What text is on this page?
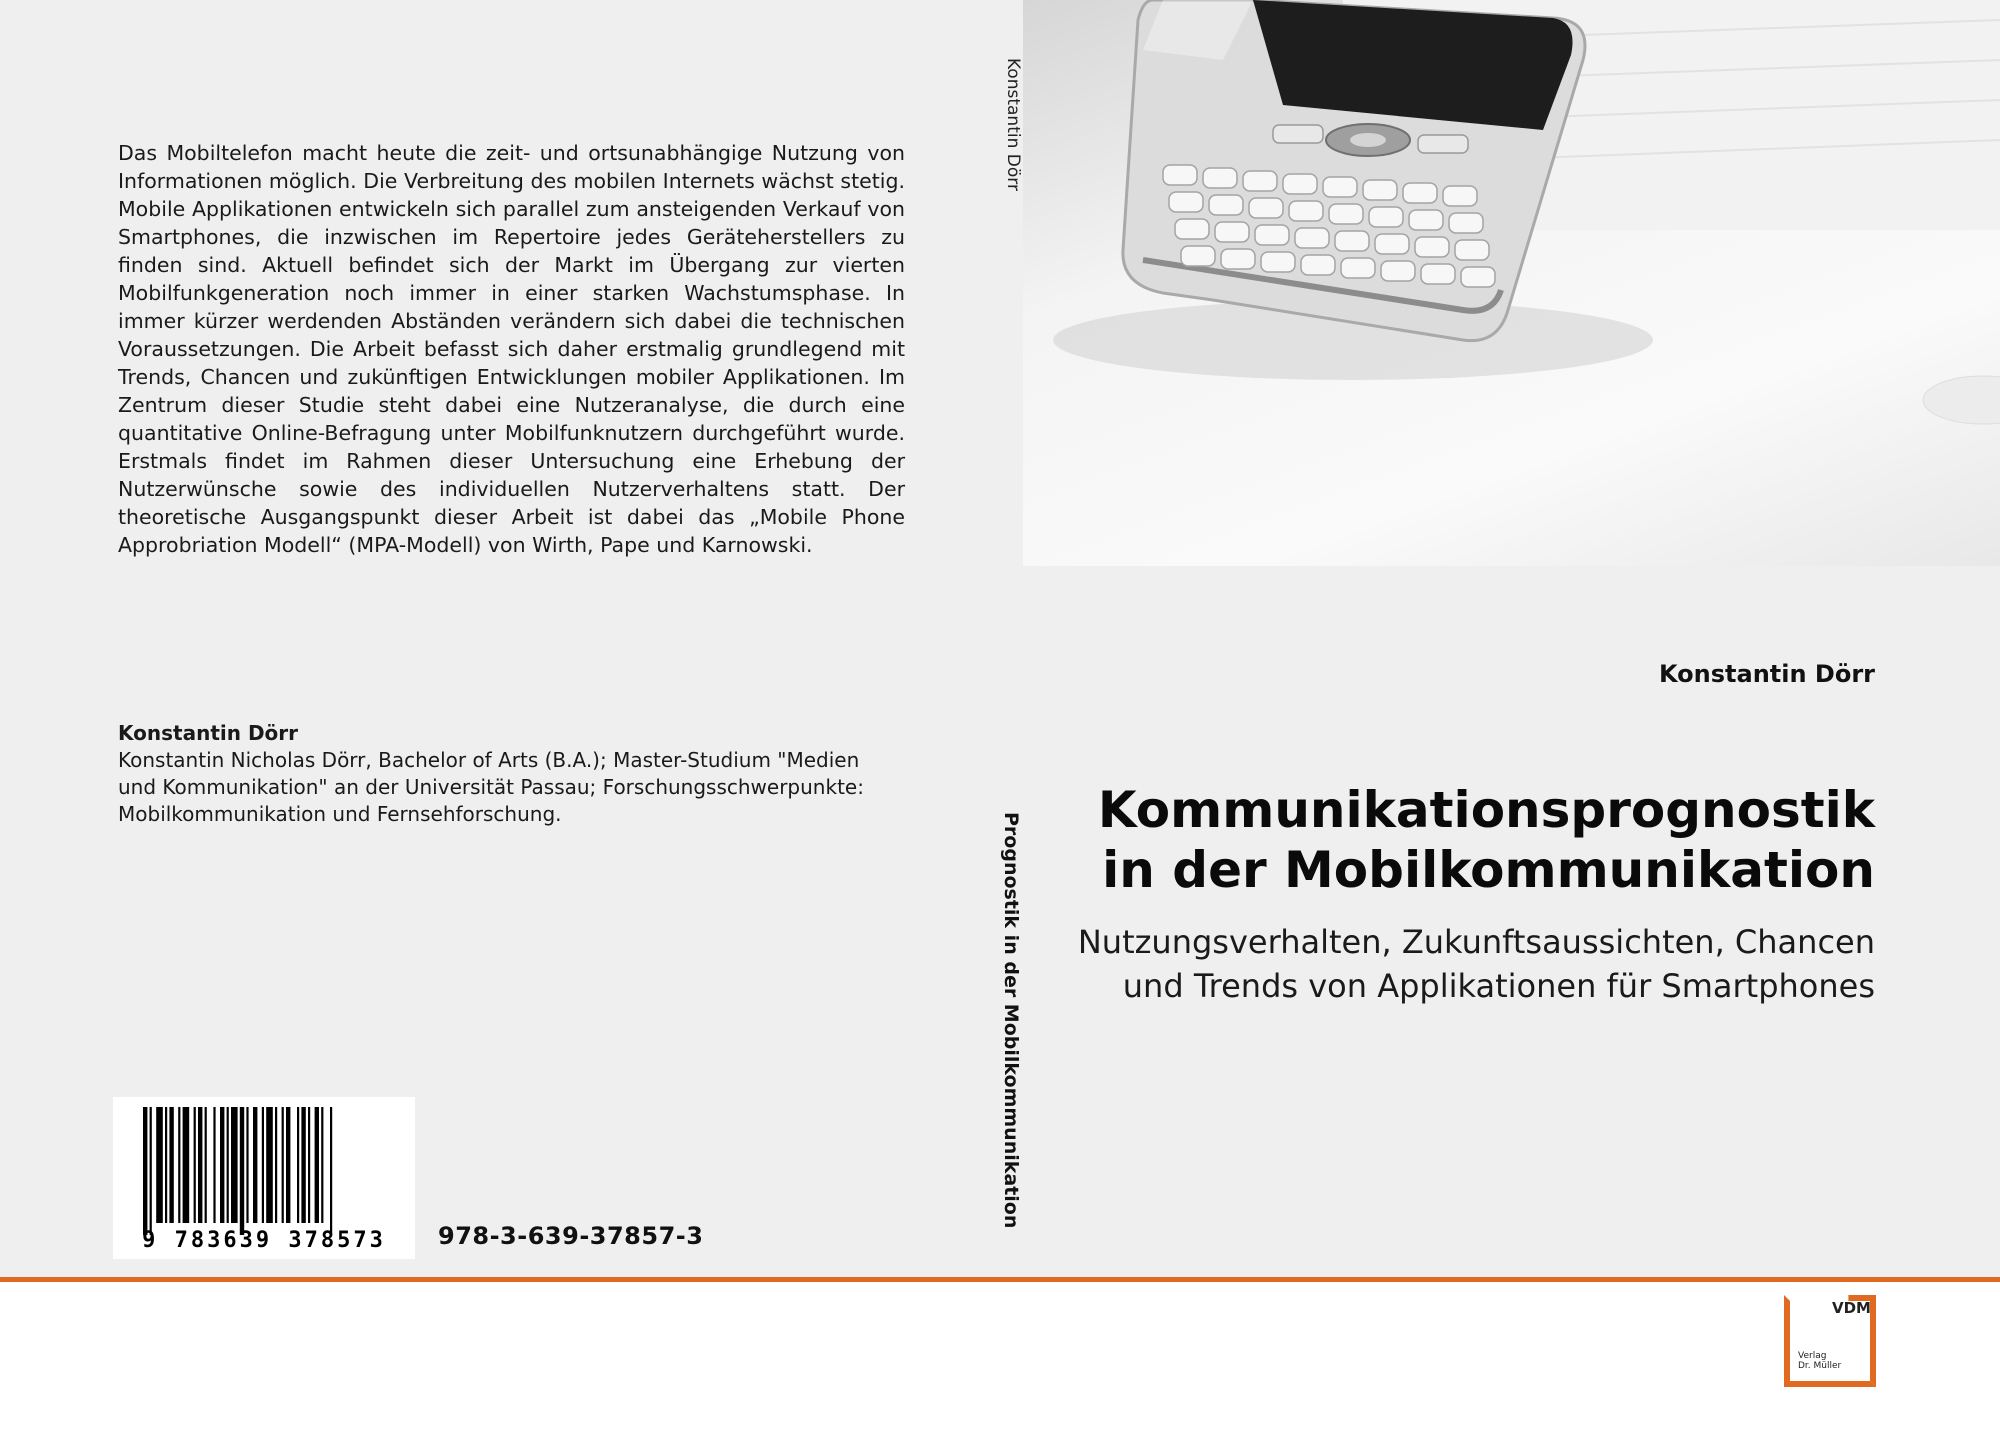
Das Mobiltelefon macht heute die zeit- und ortsunabhängige Nutzung von Informationen möglich. Die Verbreitung des mobilen Internets wächst stetig. Mobile Applikationen entwickeln sich parallel zum ansteigenden Verkauf von Smartphones, die inzwischen im Repertoire jedes Geräteherstellers zu finden sind. Aktuell befindet sich der Markt im Übergang zur vierten Mobilfunkgeneration noch immer in einer starken Wachstumsphase. In immer kürzer werdenden Abständen verändern sich dabei die technischen Voraussetzungen. Die Arbeit befasst sich daher erstmalig grundlegend mit Trends, Chancen und zukünftigen Entwicklungen mobiler Applikationen. Im Zentrum dieser Studie steht dabei eine Nutzeranalyse, die durch eine quantitative Online-Befragung unter Mobilfunknutzern durchgeführt wurde. Erstmals findet im Rahmen dieser Untersuchung eine Erhebung der Nutzerwünsche sowie des individuellen Nutzerverhaltens statt. Der theoretische Ausgangspunkt dieser Arbeit ist dabei das „Mobile Phone Approbriation Modell“ (MPA-Modell) von Wirth, Pape und Karnowski.

Konstantin Dörr
Konstantin Nicholas Dörr, Bachelor of Arts (B.A.); Master-Studium "Medien und Kommunikation" an der Universität Passau; Forschungsschwerpunkte: Mobilkommunikation und Fernsehforschung.
9 783639 378573 978-3-639-37857-3
Konstantin Dörr
Prognostik in der Mobilkommunikation
Konstantin Dörr
Kommunikationsprognostik
in der Mobilkommunikation
Nutzungsverhalten, Zukunftsaussichten, Chancen
und Trends von Applikationen für Smartphones
VDM
Verlag
Dr. Müller
